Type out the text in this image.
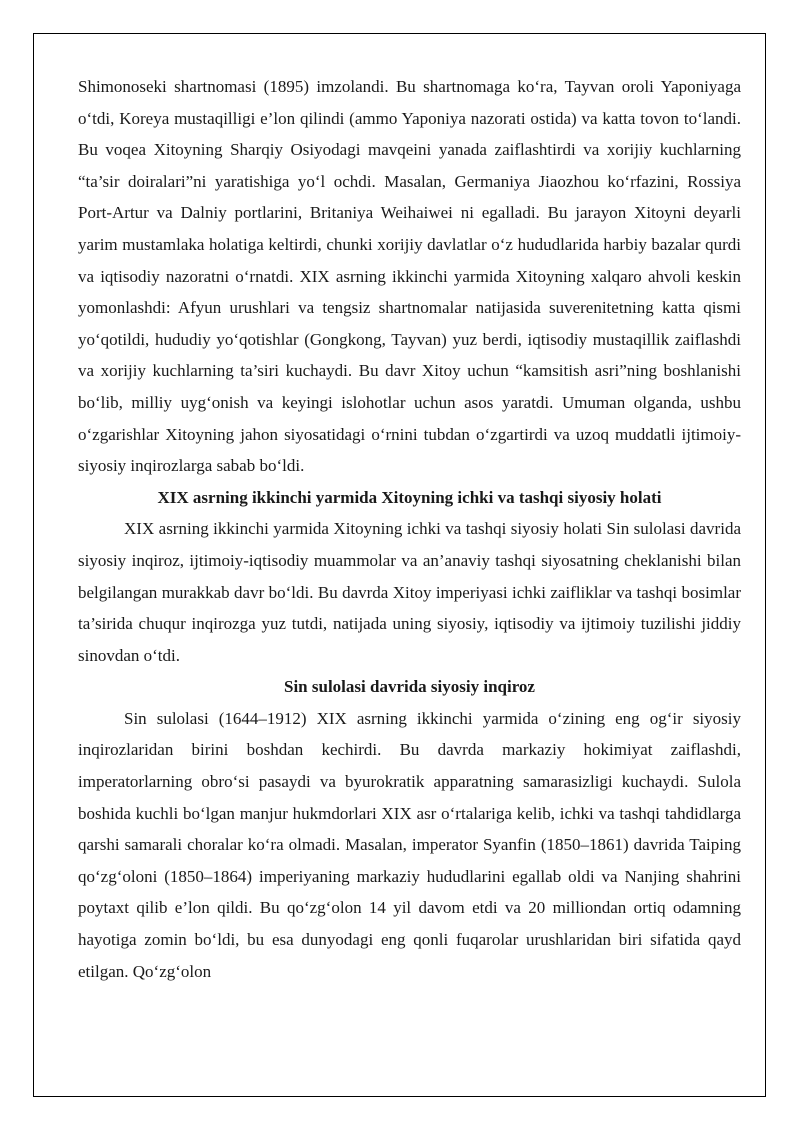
Shimonoseki shartnomasi (1895) imzolandi. Bu shartnomaga ko‘ra, Tayvan oroli Yaponiyaga o‘tdi, Koreya mustaqilligi e’lon qilindi (ammo Yaponiya nazorati ostida) va katta tovon to‘landi. Bu voqea Xitoyning Sharqiy Osiyodagi mavqeini yanada zaiflashtirdi va xorijiy kuchlarning “ta’sir doiralari”ni yaratishiga yo‘l ochdi. Masalan, Germaniya Jiaozhou ko‘rfazini, Rossiya Port-Artur va Dalniy portlarini, Britaniya Weihaiwei ni egalladi. Bu jarayon Xitoyni deyarli yarim mustamlaka holatiga keltirdi, chunki xorijiy davlatlar o‘z hududlarida harbiy bazalar qurdi va iqtisodiy nazoratni o‘rnatdi. XIX asrning ikkinchi yarmida Xitoyning xalqaro ahvoli keskin yomonlashdi: Afyun urushlari va tengsiz shartnomalar natijasida suverenitetning katta qismi yo‘qotildi, hududiy yo‘qotishlar (Gongkong, Tayvan) yuz berdi, iqtisodiy mustaqillik zaiflashdi va xorijiy kuchlarning ta’siri kuchaydi. Bu davr Xitoy uchun “kamsitish asri”ning boshlanishi bo‘lib, milliy uyg‘onish va keyingi islohotlar uchun asos yaratdi. Umuman olganda, ushbu o‘zgarishlar Xitoyning jahon siyosatidagi o‘rnini tubdan o‘zgartirdi va uzoq muddatli ijtimoiy-siyosiy inqirozlarga sabab bo‘ldi.

XIX asrning ikkinchi yarmida Xitoyning ichki va tashqi siyosiy holati

XIX asrning ikkinchi yarmida Xitoyning ichki va tashqi siyosiy holati Sin sulolasi davrida siyosiy inqiroz, ijtimoiy-iqtisodiy muammolar va an’anaviy tashqi siyosatning cheklanishi bilan belgilangan murakkab davr bo‘ldi. Bu davrda Xitoy imperiyasi ichki zaifliklar va tashqi bosimlar ta’sirida chuqur inqirozga yuz tutdi, natijada uning siyosiy, iqtisodiy va ijtimoiy tuzilishi jiddiy sinovdan o‘tdi.

Sin sulolasi davrida siyosiy inqiroz

Sin sulolasi (1644–1912) XIX asrning ikkinchi yarmida o‘zining eng og‘ir siyosiy inqirozlaridan birini boshdan kechirdi. Bu davrda markaziy hokimiyat zaiflashdi, imperatorlarning obro‘si pasaydi va byurokratik apparatning samarasizligi kuchaydi. Sulola boshida kuchli bo‘lgan manjur hukmdorlari XIX asr o‘rtalariga kelib, ichki va tashqi tahdidlarga qarshi samarali choralar ko‘ra olmadi. Masalan, imperator Syanfin (1850–1861) davrida Taiping qo‘zg‘oloni (1850–1864) imperiyaning markaziy hududlarini egallab oldi va Nanjing shahrini poytaxt qilib e’lon qildi. Bu qo‘zg‘olon 14 yil davom etdi va 20 milliondan ortiq odamning hayotiga zomin bo‘ldi, bu esa dunyodagi eng qonli fuqarolar urushlaridan biri sifatida qayd etilgan. Qo‘zg‘olon
